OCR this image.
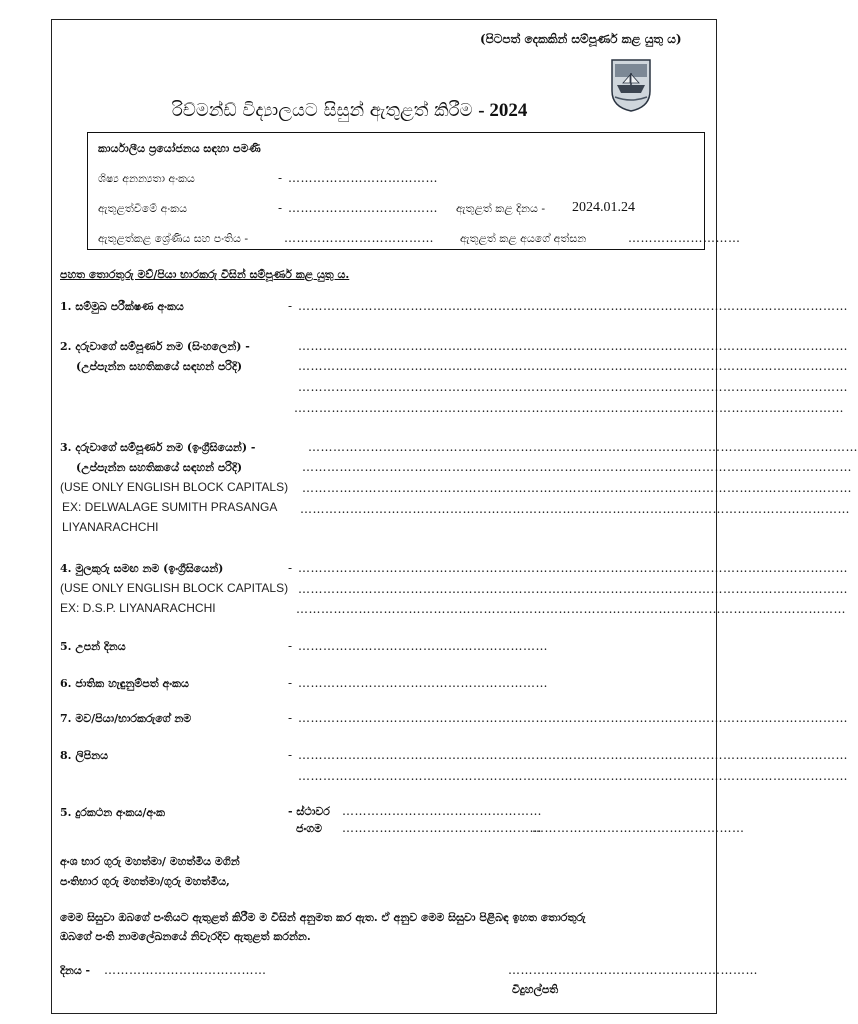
(පිටපත් දෙකකින් සම්පූර්ණ කළ යුතු ය)
රිච්මන්ඩ් විද්‍යාලයට සිසුන් ඇතුළත් කිරීම - 2024
කාර්යාලීය ප්‍රයෝජනය සඳහා පමණි
ශිෂ්‍ය අනන්‍යතා අංකය	- ………………………………
ඇතුළත්වීමේ අංකය	- ……………………………… ඇතුළත් කළ දිනය - 2024.01.24
ඇතුළත්කළ ශ්‍රේණිය සහ පංතිය -	……………………………… ඇතුළත් කළ අයගේ අත්සන	………………………
පහත තොරතුරු මව්/පියා භාරකරු විසින් සම්පූර්ණ කළ යුතු ය.
1. සම්මුඛ පරීක්ෂණ අංකය	- ……………………………………………………………………………………………………………………
2. දරුවාගේ සම්පූර්ණ නම (සිංහලෙන්) -	……………………………………………………………………………………………………………………
(උප්පැන්න සහතිකයේ සඳහන් පරිදි)	……………………………………………………………………………………………………………………
……………………………………………………………………………………………………………………
……………………………………………………………………………………………………………………
3. දරුවාගේ සම්පූර්ණ නම (ඉංග්‍රීසියෙන්) -	……………………………………………………………………………………………………………………
(උප්පැන්න සහතිකයේ සඳහන් පරිදි)	……………………………………………………………………………………………………………………
(USE ONLY ENGLISH BLOCK CAPITALS) ……………………………………………………………………………………………………………………
EX: DELWALAGE SUMITH PRASANGA ……………………………………………………………………………………………………………………
LIYANARACHCHI
4. මුලකුරු සමඟ නම (ඉංග්‍රීසියෙන්)	- ……………………………………………………………………………………………………………………
(USE ONLY ENGLISH BLOCK CAPITALS) ……………………………………………………………………………………………………………………
EX: D.S.P. LIYANARACHCHI	……………………………………………………………………………………………………………………
5. උපන් දිනය	- ……………………………………………………
6. ජාතික හැඳුනුම්පත් අංකය	- ……………………………………………………
7. මව/පියා/භාරකරුගේ නම	- ……………………………………………………………………………………………………………………
8. ලිපිනය	- ……………………………………………………………………………………………………………………
……………………………………………………………………………………………………………………
5. දුරකථන අංකය/අංක	- ස්ථාවර …………………………………………
ජංගම …………………………………………
……………………………………………
අංශ භාර ගුරු මහත්මා/ මහත්මිය මගින්
පංතිභාර ගුරු මහත්මා/ගුරු මහත්මිය,
මෙම සිසුවා ඔබගේ පංතියට ඇතුළත් කිරීම ම විසින් අනුමත කර ඇත. ඒ අනුව මෙම සිසුවා පිළිබඳ ඉහත තොරතුරු
ඔබගේ පංති නාමලේඛනයේ නිවැරදිව ඇතුළත් කරන්න.
දිනය - …………………………………	……………………………………………………
විදුහල්පති
